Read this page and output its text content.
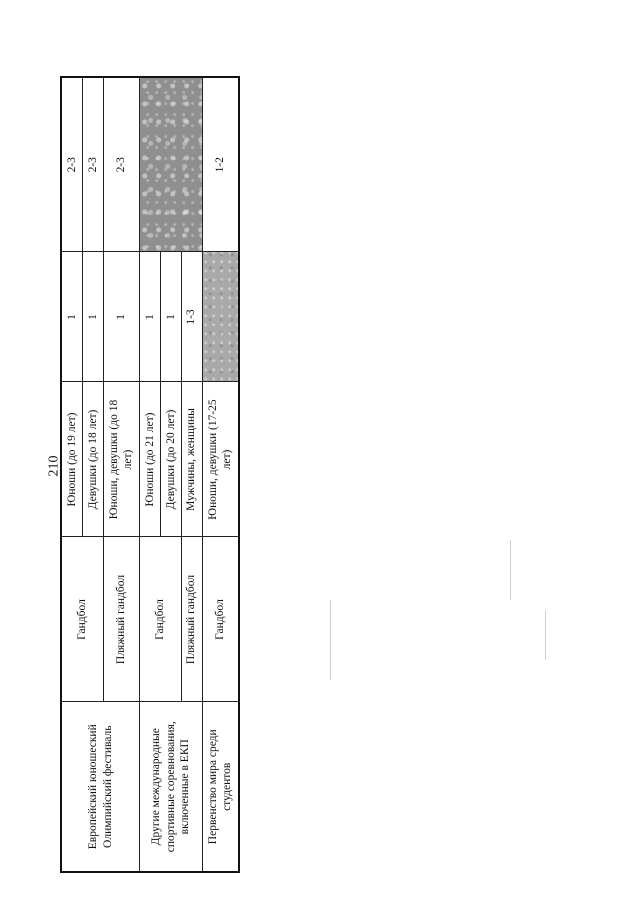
210
Европейский юношеский Олимпийский фестиваль	Гандбол	Юноши (до 19 лет)	1	2-3
		Девушки (до 18 лет)	1	2-3
	Пляжный гандбол	Юноши, девушки (до 18 лет)	1	2-3
Другие международные спортивные соревнования, включенные в ЕКП	Гандбол	Юноши (до 21 лет)	1	
		Девушки (до 20 лет)	1	
	Пляжный гандбол	Мужчины, женщины	1-3	
Первенство мира среди студентов	Гандбол	Юноши, девушки (17-25 лет)		1-2
